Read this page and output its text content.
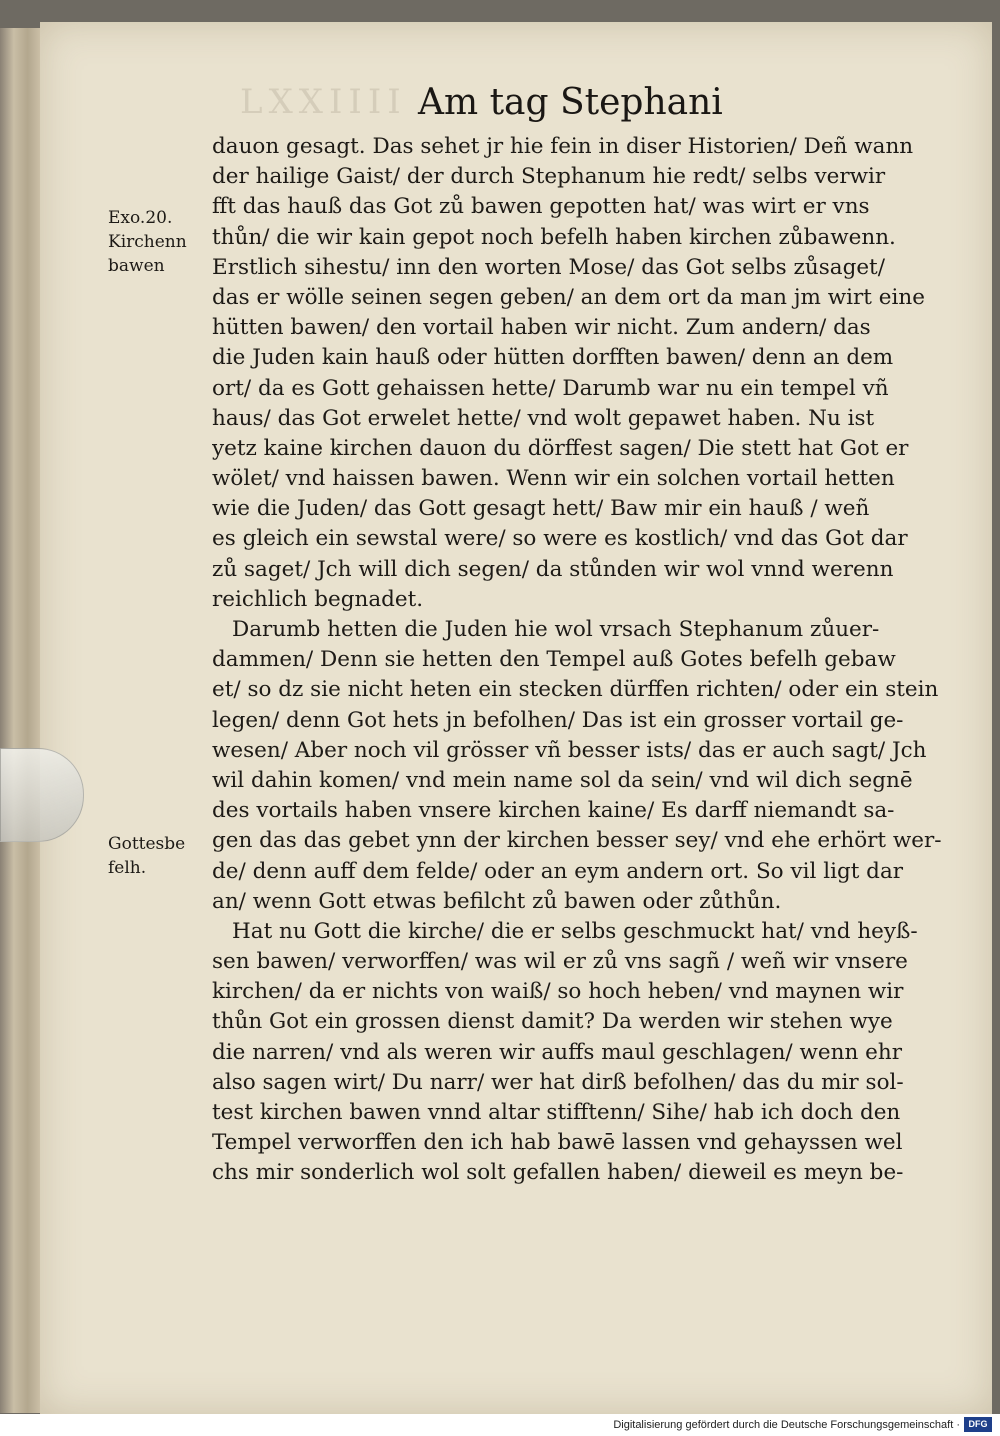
LXXIIII Am tag Stephani
Exo.20.
Kirchenn
bawen
Gottesbe
felh.
dauon gesagt. Das sehet jr hie fein in diser Historien/ Deñ wann
der hailige Gaist/ der durch Stephanum hie redt/ selbs verwir
fft das hauß das Got zů bawen gepotten hat/ was wirt er vns
thůn/ die wir kain gepot noch befelh haben kirchen zůbawenn.
Erstlich sihestu/ inn den worten Mose/ das Got selbs zůsaget/
das er wölle seinen segen geben/ an dem ort da man jm wirt eine
hütten bawen/ den vortail haben wir nicht. Zum andern/ das
die Juden kain hauß oder hütten dorfften bawen/ denn an dem
ort/ da es Gott gehaissen hette/ Darumb war nu ein tempel vñ
haus/ das Got erwelet hette/ vnd wolt gepawet haben. Nu ist
yetz kaine kirchen dauon du dörffest sagen/ Die stett hat Got er
wölet/ vnd haissen bawen. Wenn wir ein solchen vortail hetten
wie die Juden/ das Gott gesagt hett/ Baw mir ein hauß / weñ
es gleich ein sewstal were/ so were es kostlich/ vnd das Got dar
zů saget/ Jch will dich segen/ da stůnden wir wol vnnd werenn
reichlich begnadet.
Darumb hetten die Juden hie wol vrsach Stephanum zůuer-
dammen/ Denn sie hetten den Tempel auß Gotes befelh gebaw
et/ so dz sie nicht heten ein stecken dürffen richten/ oder ein stein
legen/ denn Got hets jn befolhen/ Das ist ein grosser vortail ge-
wesen/ Aber noch vil grösser vñ besser ists/ das er auch sagt/ Jch
wil dahin komen/ vnd mein name sol da sein/ vnd wil dich segnē
des vortails haben vnsere kirchen kaine/ Es darff niemandt sa-
gen das das gebet ynn der kirchen besser sey/ vnd ehe erhört wer-
de/ denn auff dem felde/ oder an eym andern ort. So vil ligt dar
an/ wenn Gott etwas befilcht zů bawen oder zůthůn.
Hat nu Gott die kirche/ die er selbs geschmuckt hat/ vnd heyß-
sen bawen/ verworffen/ was wil er zů vns sagñ / weñ wir vnsere
kirchen/ da er nichts von waiß/ so hoch heben/ vnd maynen wir
thůn Got ein grossen dienst damit? Da werden wir stehen wye
die narren/ vnd als weren wir auffs maul geschlagen/ wenn ehr
also sagen wirt/ Du narr/ wer hat dirß befolhen/ das du mir sol-
test kirchen bawen vnnd altar stifftenn/ Sihe/ hab ich doch den
Tempel verworffen den ich hab bawē lassen vnd gehayssen wel
chs mir sonderlich wol solt gefallen haben/ dieweil es meyn be-
Digitalisierung gefördert durch die Deutsche Forschungsgemeinschaft · DFG
